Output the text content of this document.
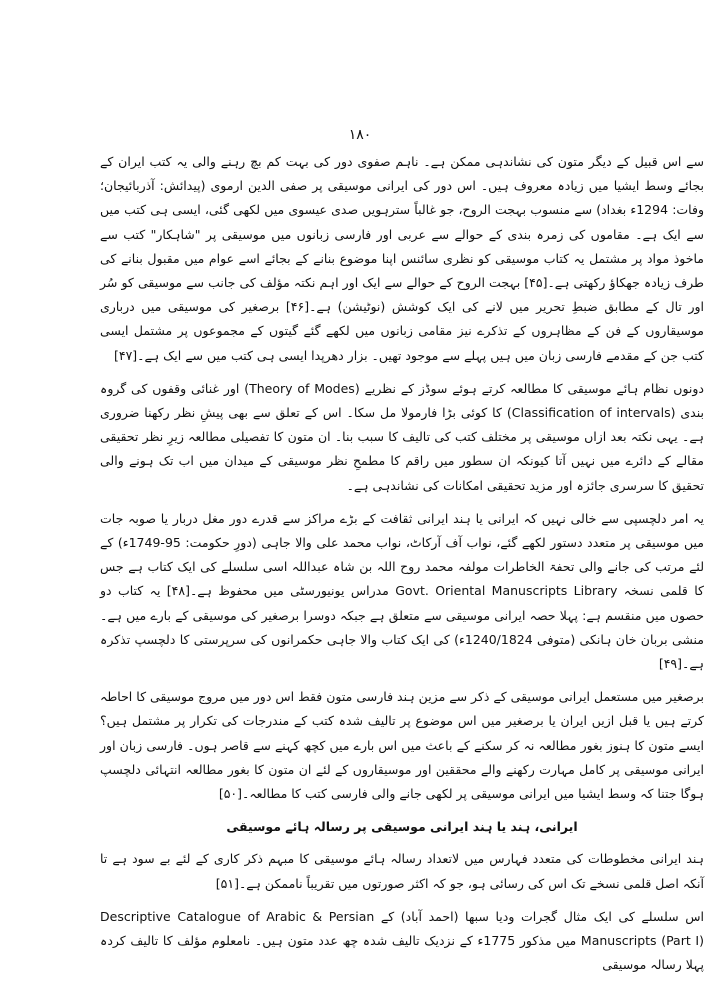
۱۸۰

سے اس قبیل کے دیگر متون کی نشاندہی ممکن ہے۔ ناہم صفوی دور کی بہت کم بچ رہنے والی یہ کتب ایران کے بجائے وسط ایشیا میں زیادہ معروف ہیں۔ اس دور کی ایرانی موسیقی پر صفی الدین ارموی (پیدائش: آذربائیجان؛ وفات: 1294ء بغداد) سے منسوب بہجت الروح، جو غالباً سترہویں صدی عیسوی میں لکھی گئی، ایسی ہی کتب میں سے ایک ہے۔ مقاموں کی زمرہ بندی کے حوالے سے عربی اور فارسی زبانوں میں موسیقی پر "شاہکار" کتب سے ماخوذ مواد پر مشتمل یہ کتاب موسیقی کو نظری سائنس اپنا موضوع بنانے کے بجائے اسے عوام میں مقبول بنانے کی طرف زیادہ جھکاؤ رکھتی ہے۔[۴۵] بہجت الروح کے حوالے سے ایک اور اہم نکتہ مؤلف کی جانب سے موسیقی کو سُر اور تال کے مطابق ضبطِ تحریر میں لانے کی ایک کوشش (نوٹیشن) ہے۔[۴۶] برصغیر کی موسیقی میں درباری موسیقاروں کے فن کے مظاہروں کے تذکرے نیز مقامی زبانوں میں لکھے گئے گیتوں کے مجموعوں پر مشتمل ایسی کتب جن کے مقدمے فارسی زبان میں ہیں پہلے سے موجود تھیں۔ بزار دھرپدا ایسی ہی کتب میں سے ایک ہے۔[۴۷]

دونوں نظام ہائے موسیقی کا مطالعہ کرتے ہوئے سوڈز کے نظریے (Theory of Modes) اور غنائی وقفوں کی گروہ بندی (Classification of intervals) کا کوئی بڑا فارمولا مل سکا۔ اس کے تعلق سے بھی پیشِ نظر رکھنا ضروری ہے۔ یہی نکتہ بعد ازاں موسیقی پر مختلف کتب کی تالیف کا سبب بنا۔ ان متون کا تفصیلی مطالعہ زیرِ نظر تحقیقی مقالے کے دائرے میں نہیں آتا کیونکہ ان سطور میں راقم کا مطمحِ نظر موسیقی کے میدان میں اب تک ہونے والی تحقیق کا سرسری جائزہ اور مزید تحقیقی امکانات کی نشاندہی ہے۔

یہ امر دلچسپی سے خالی نہیں کہ ایرانی یا ہند ایرانی ثقافت کے بڑے مراکز سے قدرے دور مغل دربار یا صوبہ جات میں موسیقی پر متعدد دستور لکھے گئے، نواب آف آرکاٹ، نواب محمد علی والا جاہی (دورِ حکومت: 95-1749ء) کے لئے مرتب کی جانے والی تحفۃ الخاطرات مولفہ محمد روح اللہ بن شاہ عبداللہ اسی سلسلے کی ایک کتاب ہے جس کا قلمی نسخہ Govt. Oriental Manuscripts Library مدراس یونیورسٹی میں محفوظ ہے۔[۴۸] یہ کتاب دو حصوں میں منقسم ہے: پہلا حصہ ایرانی موسیقی سے متعلق ہے جبکہ دوسرا برصغیر کی موسیقی کے بارے میں ہے۔ منشی بربان خان ہانکی (متوفی 1240/1824ء) کی ایک کتاب والا جاہی حکمرانوں کی سرپرستی کا دلچسپ تذکرہ ہے۔[۴۹]

برصغیر میں مستعمل ایرانی موسیقی کے ذکر سے مزین ہند فارسی متون فقط اس دور میں مروج موسیقی کا احاطہ کرتے ہیں یا قبل ازیں ایران یا برصغیر میں اس موضوع پر تالیف شدہ کتب کے مندرجات کی تکرار پر مشتمل ہیں؟ ایسے متون کا ہنوز بغور مطالعہ نہ کر سکنے کے باعث میں اس بارے میں کچھ کہنے سے قاصر ہوں۔ فارسی زبان اور ایرانی موسیقی پر کامل مہارت رکھنے والے محققین اور موسیقاروں کے لئے ان متون کا بغور مطالعہ انتہائی دلچسپ ہوگا جتنا کہ وسط ایشیا میں ایرانی موسیقی پر لکھی جانے والی فارسی کتب کا مطالعہ۔[۵۰]

ایرانی، ہند یا ہند ایرانی موسیقی پر رسالہ ہائے موسیقی

ہند ایرانی مخطوطات کی متعدد فہارس میں لاتعداد رسالہ ہائے موسیقی کا مبہم ذکر کاری کے لئے بے سود ہے تا آنکہ اصل قلمی نسخے تک اس کی رسائی ہو، جو کہ اکثر صورتوں میں تقریباً ناممکن ہے۔[۵۱]

اس سلسلے کی ایک مثال گجرات ودیا سبھا (احمد آباد) کے Descriptive Catalogue of Arabic & Persian Manuscripts (Part I) میں مذکور 1775ء کے نزدیک تالیف شدہ چھ عدد متون ہیں۔ نامعلوم مؤلف کا تالیف کردہ پہلا رسالہ موسیقی
